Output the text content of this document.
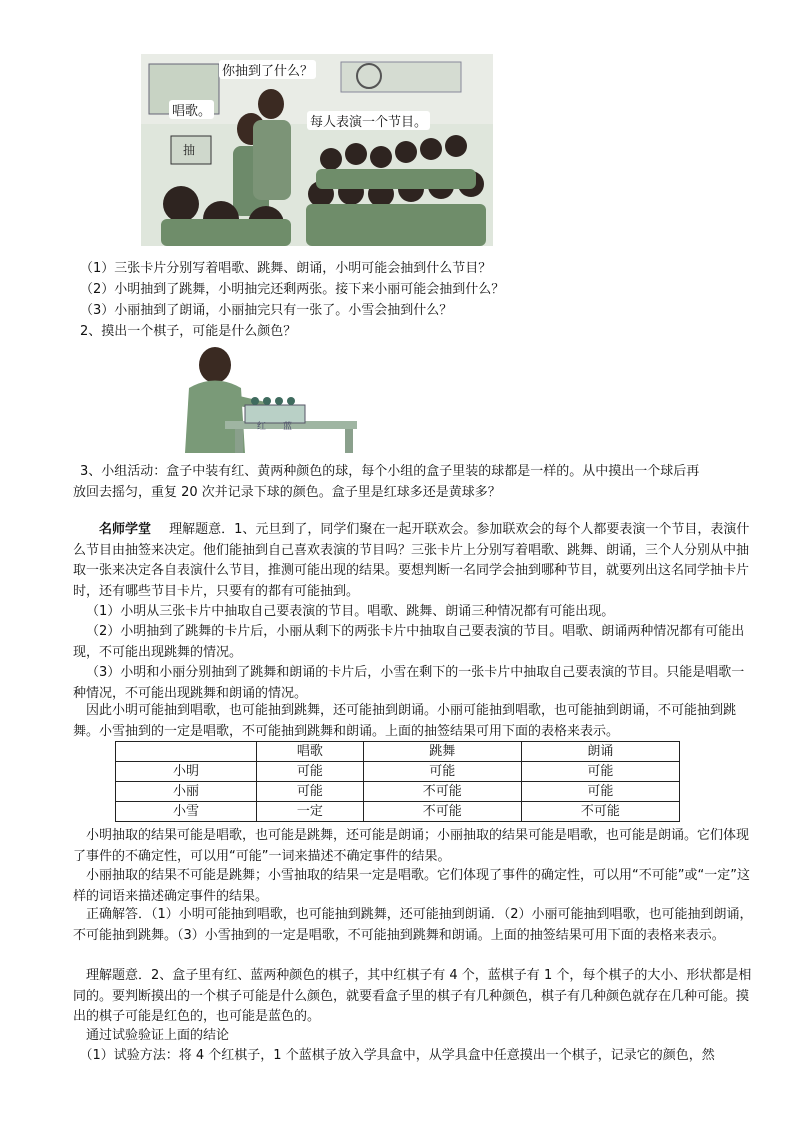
抽
你抽到了什么？
唱歌。
每人表演一个节目。
（1）三张卡片分别写着唱歌、跳舞、朗诵，小明可能会抽到什么节目？
（2）小明抽到了跳舞，小明抽完还剩两张。接下来小丽可能会抽到什么？
（3）小丽抽到了朗诵，小丽抽完只有一张了。小雪会抽到什么？
2、摸出一个棋子，可能是什么颜色？
红 蓝
3、小组活动：盒子中装有红、黄两种颜色的球，每个小组的盒子里装的球都是一样的。从中摸出一个球后再
放回去摇匀，重复 20 次并记录下球的颜色。盒子里是红球多还是黄球多？
名师学堂 理解题意．1、元旦到了，同学们聚在一起开联欢会。参加联欢会的每个人都要表演一个节目，表演什么节目由抽签来决定。他们能抽到自己喜欢表演的节目吗？三张卡片上分别写着唱歌、跳舞、朗诵，三个人分别从中抽取一张来决定各自表演什么节目，推测可能出现的结果。要想判断一名同学会抽到哪种节目，就要列出这名同学抽卡片时，还有哪些节目卡片，只要有的都有可能抽到。
（1）小明从三张卡片中抽取自己要表演的节目。唱歌、跳舞、朗诵三种情况都有可能出现。
（2）小明抽到了跳舞的卡片后，小丽从剩下的两张卡片中抽取自己要表演的节目。唱歌、朗诵两种情况都有可能出现，不可能出现跳舞的情况。
（3）小明和小丽分别抽到了跳舞和朗诵的卡片后，小雪在剩下的一张卡片中抽取自己要表演的节目。只能是唱歌一种情况，不可能出现跳舞和朗诵的情况。
因此小明可能抽到唱歌，也可能抽到跳舞，还可能抽到朗诵。小丽可能抽到唱歌，也可能抽到朗诵，不可能抽到跳舞。小雪抽到的一定是唱歌，不可能抽到跳舞和朗诵。上面的抽签结果可用下面的表格来表示。
	唱歌	跳舞	朗诵
小明	可能	可能	可能
小丽	可能	不可能	可能
小雪	一定	不可能	不可能
小明抽取的结果可能是唱歌，也可能是跳舞，还可能是朗诵；小丽抽取的结果可能是唱歌，也可能是朗诵。它们体现了事件的不确定性，可以用“可能”一词来描述不确定事件的结果。
小丽抽取的结果不可能是跳舞；小雪抽取的结果一定是唱歌。它们体现了事件的确定性，可以用“不可能”或“一定”这样的词语来描述确定事件的结果。
正确解答．（1）小明可能抽到唱歌，也可能抽到跳舞，还可能抽到朗诵．（2）小丽可能抽到唱歌，也可能抽到朗诵，不可能抽到跳舞。（3）小雪抽到的一定是唱歌，不可能抽到跳舞和朗诵。上面的抽签结果可用下面的表格来表示。
理解题意．2、盒子里有红、蓝两种颜色的棋子，其中红棋子有 4 个，蓝棋子有 1 个，每个棋子的大小、形状都是相同的。要判断摸出的一个棋子可能是什么颜色，就要看盒子里的棋子有几种颜色，棋子有几种颜色就存在几种可能。摸出的棋子可能是红色的，也可能是蓝色的。
通过试验验证上面的结论
（1）试验方法：将 4 个红棋子，1 个蓝棋子放入学具盒中，从学具盒中任意摸出一个棋子，记录它的颜色，然
